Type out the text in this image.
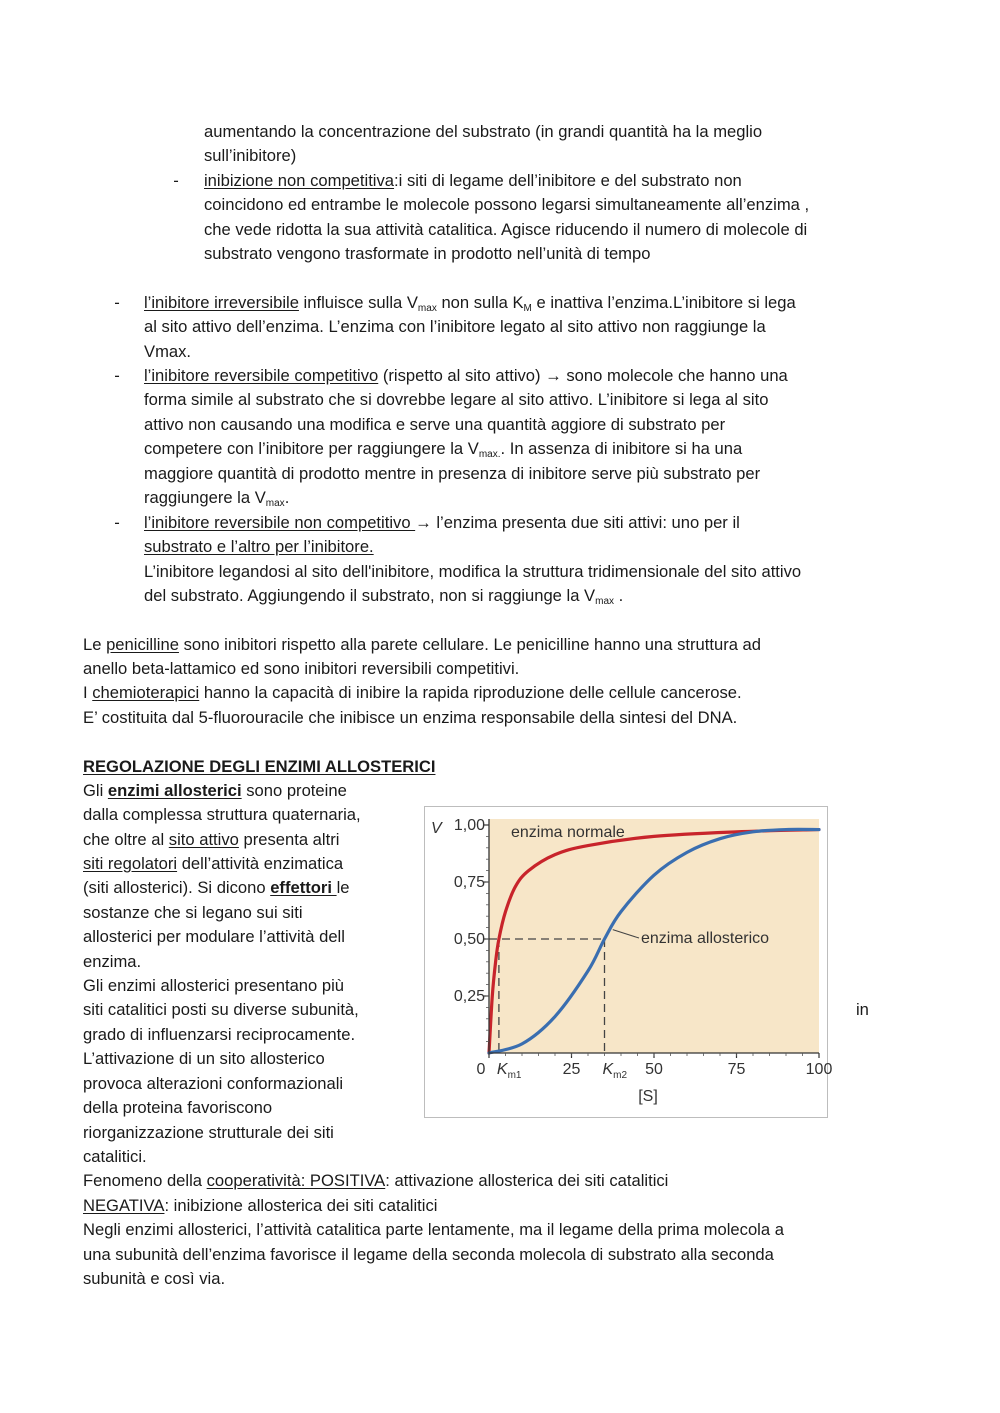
aumentando la concentrazione del substrato (in grandi quantità ha la meglio
sull’inibitore)
- inibizione non competitiva:i siti di legame dell’inibitore e del substrato non
coincidono ed entrambe le molecole possono legarsi simultaneamente all’enzima ,
che vede ridotta la sua attività catalitica. Agisce riducendo il numero di molecole di
substrato vengono trasformate in prodotto nell’unità di tempo
- l’inibitore irreversibile influisce sulla $V_{max}$ non sulla $K_M$ e inattiva l’enzima.L’inibitore si lega
al sito attivo dell’enzima. L’enzima con l’inibitore legato al sito attivo non raggiunge la
Vmax.
- l’inibitore reversibile competitivo (rispetto al sito attivo) → sono molecole che hanno una
forma simile al substrato che si dovrebbe legare al sito attivo. L’inibitore si lega al sito
attivo non causando una modifica e serve una quantità aggiore di substrato per
competere con l’inibitore per raggiungere la $V_{max.}$. In assenza di inibitore si ha una
maggiore quantità di prodotto mentre in presenza di inibitore serve più substrato per
raggiungere la $V_{max}$.
- l’inibitore reversibile non competitivo → l’enzima presenta due siti attivi: uno per il
substrato e l’altro per l’inibitore.
L’inibitore legandosi al sito dell'inibitore, modifica la struttura tridimensionale del sito attivo
del substrato. Aggiungendo il substrato, non si raggiunge la $V_{max}$ .
Le penicilline sono inibitori rispetto alla parete cellulare. Le penicilline hanno una struttura ad
anello beta-lattamico ed sono inibitori reversibili competitivi.
I chemioterapici hanno la capacità di inibire la rapida riproduzione delle cellule cancerose.
E’ costituita dal 5-fluorouracile che inibisce un enzima responsabile della sintesi del DNA.
REGOLAZIONE DEGLI ENZIMI ALLOSTERICI
Gli enzimi allosterici sono proteine
dalla complessa struttura quaternaria,
che oltre al sito attivo presenta altri
siti regolatori dell’attività enzimatica
(siti allosterici). Si dicono effettori le
sostanze che si legano sui siti
allosterici per modulare l’attività dell
enzima.
Gli enzimi allosterici presentano più
siti catalitici posti su diverse subunità,	in
grado di influenzarsi reciprocamente.
L’attivazione di un sito allosterico
provoca alterazioni conformazionali
della proteina favoriscono
riorganizzazione strutturale dei siti
catalitici.
Fenomeno della cooperatività: POSITIVA: attivazione allosterica dei siti catalitici
NEGATIVA: inibizione allosterica dei siti catalitici
Negli enzimi allosterici, l’attività catalitica parte lentamente, ma il legame della prima molecola a
una subunità dell’enzima favorisce il legame della seconda molecola di substrato alla seconda
subunità e così via.
0,25
0,50
0,75
1,00
0	25	50	75	100
$K_{m1}$	$K_{m2}$
V
[S]
enzima normale
enzima allosterico
